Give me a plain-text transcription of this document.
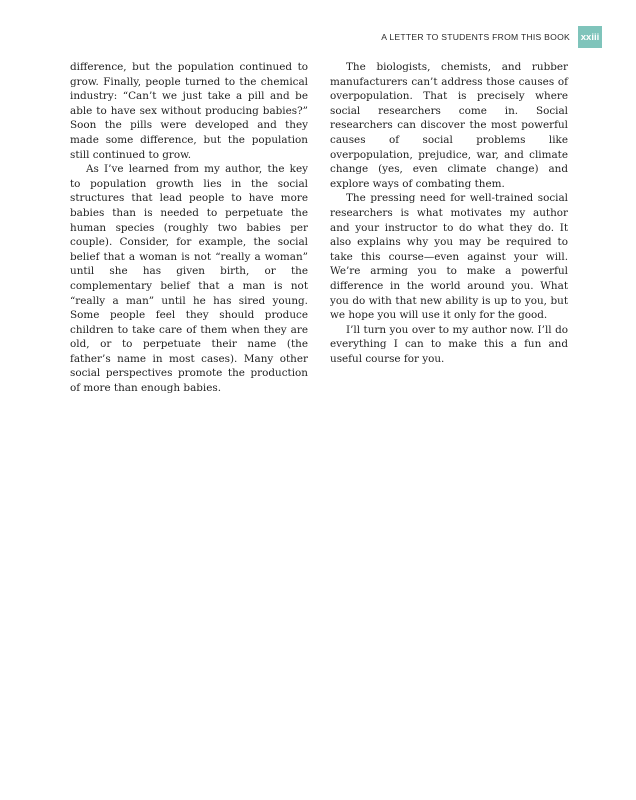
A LETTER TO STUDENTS FROM THIS BOOK xxiii

difference, but the population continued to grow. Finally, people turned to the chemical industry: “Can’t we just take a pill and be able to have sex without producing babies?” Soon the pills were developed and they made some difference, but the population still continued to grow.

As I’ve learned from my author, the key to population growth lies in the social structures that lead people to have more babies than is needed to perpetuate the human species (roughly two babies per couple). Consider, for example, the social belief that a woman is not “really a woman” until she has given birth, or the complementary belief that a man is not “really a man” until he has sired young. Some people feel they should produce children to take care of them when they are old, or to perpetuate their name (the father’s name in most cases). Many other social perspectives promote the production of more than enough babies.

The biologists, chemists, and rubber manufacturers can’t address those causes of overpopulation. That is precisely where social researchers come in. Social researchers can discover the most powerful causes of social problems like overpopulation, prejudice, war, and climate change (yes, even climate change) and explore ways of combating them.

The pressing need for well-trained social researchers is what motivates my author and your instructor to do what they do. It also explains why you may be required to take this course—even against your will. We’re arming you to make a powerful difference in the world around you. What you do with that new ability is up to you, but we hope you will use it only for the good.

I’ll turn you over to my author now. I’ll do everything I can to make this a fun and useful course for you.
